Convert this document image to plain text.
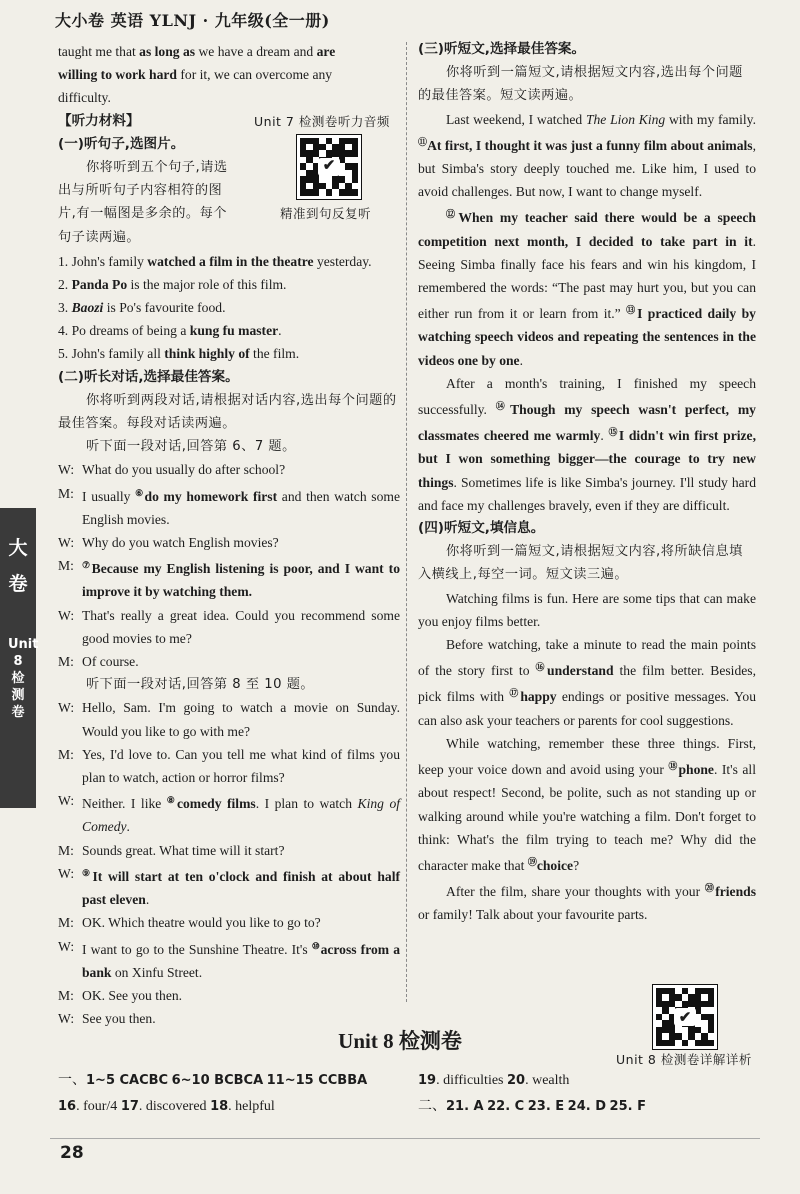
大小卷 英语 YLNJ · 九年级(全一册)
taught me that as long as we have a dream and are
willing to work hard for it, we can overcome any
difficulty.
【听力材料】
(一)听句子,选图片。
你将听到五个句子,请选
出与所听句子内容相符的图
片,有一幅图是多余的。每个
句子读两遍。
Unit 7 检测卷听力音频
✔
精准到句反复听
1. John's family watched a film in the theatre yesterday.
2. Panda Po is the major role of this film.
3. Baozi is Po's favourite food.
4. Po dreams of being a kung fu master.
5. John's family all think highly of the film.
(二)听长对话,选择最佳答案。
你将听到两段对话,请根据对话内容,选出每个问题的最佳答案。每段对话读两遍。
听下面一段对话,回答第 6、7 题。
W: What do you usually do after school?
M: I usually ⑥do my homework first and then watch some English movies.
W: Why do you watch English movies?
M: ⑦Because my English listening is poor, and I want to improve it by watching them.
W: That's really a great idea. Could you recommend some good movies to me?
M: Of course.
听下面一段对话,回答第 8 至 10 题。
W: Hello, Sam. I'm going to watch a movie on Sunday. Would you like to go with me?
M: Yes, I'd love to. Can you tell me what kind of films you plan to watch, action or horror films?
W: Neither. I like ⑧comedy films. I plan to watch King of Comedy.
M: Sounds great. What time will it start?
W: ⑨It will start at ten o'clock and finish at about half past eleven.
M: OK. Which theatre would you like to go to?
W: I want to go to the Sunshine Theatre. It's ⑩across from a bank on Xinfu Street.
M: OK. See you then.
W: See you then.
(三)听短文,选择最佳答案。
你将听到一篇短文,请根据短文内容,选出每个问题的最佳答案。短文读两遍。
Last weekend, I watched The Lion King with my family. ⑪At first, I thought it was just a funny film about animals, but Simba's story deeply touched me. Like him, I used to avoid challenges. But now, I want to change myself.
⑫When my teacher said there would be a speech competition next month, I decided to take part in it. Seeing Simba finally face his fears and win his kingdom, I remembered the words: “The past may hurt you, but you can either run from it or learn from it.” ⑬I practiced daily by watching speech videos and repeating the sentences in the videos one by one.
After a month's training, I finished my speech successfully. ⑭Though my speech wasn't perfect, my classmates cheered me warmly. ⑮I didn't win first prize, but I won something bigger—the courage to try new things. Sometimes life is like Simba's journey. I'll study hard and face my challenges bravely, even if they are difficult.
(四)听短文,填信息。
你将听到一篇短文,请根据短文内容,将所缺信息填入横线上,每空一词。短文读三遍。
Watching films is fun. Here are some tips that can make you enjoy films better.
Before watching, take a minute to read the main points of the story first to ⑯understand the film better. Besides, pick films with ⑰happy endings or positive messages. You can also ask your teachers or parents for cool suggestions.
While watching, remember these three things. First, keep your voice down and avoid using your ⑱phone. It's all about respect! Second, be polite, such as not standing up or walking around while you're watching a film. Don't forget to think: What's the film trying to teach me? Why did the character make that ⑲choice?
After the film, share your thoughts with your ⑳friends or family! Talk about your favourite parts.
✔
Unit 8 检测卷详解详析
大卷
Unit 8 检测卷
Unit 8 检测卷
一、1~5 CACBC 6~10 BCBCA 11~15 CCBBA
16. four/4 17. discovered 18. helpful
19. difficulties 20. wealth
二、21. A 22. C 23. E 24. D 25. F
28
